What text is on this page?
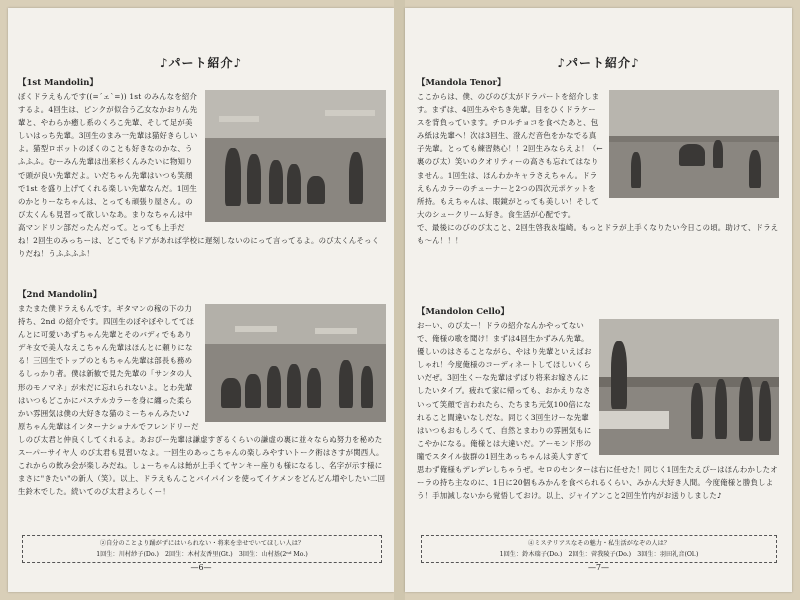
♪パート紹介♪
【1st Mandolin】
ぼくドラえもんです((=´ェ`=)) 1st のみんなを紹介するよ。4回生は、ピンクが似合う乙女なかおりん先輩と、やわらか癒し系のくろこ先輩、そして足が美しいはっち先輩。3回生のまみ一先輩は猫好きらしいよ。猫型ロボットのぼくのことも好きなのかな、うふふふ。むーみん先輩は出来杉くんみたいに物知りで頭が良い先輩だよ。いだちゃん先輩はいつも笑顔で1st を盛り上げてくれる楽しい先輩なんだ。1回生のかとりーなちゃんは、とっても頑張り屋さん。のび太くんも見習って欲しいなあ。まりなちゃんは中高マンドリン部だったんだって。とっても上手だね！2回生のみっちーは、どこでもドアがあれば学校に遅刻しないのにって言ってるよ。のび太くんそっくりだね！うふふふふ！
【2nd Mandolin】
またまた僕ドラえもんです。ギタマンの稼の下の力持ち、2nd の紹介です。四回生のぼやぼやしててほんとに可愛いあずちゃん先輩とそのバディでもありデキ女で美人なえこちゃん先輩はほんとに頼りになる！三回生でトップのともちゃん先輩は部長も務めるしっかり者。僕は新歓で見た先輩の「サンタの人形のモノマネ」が未だに忘れられないよ。とわ先輩はいつもどこかにパステルカラーを身に纏った柔らかい雰囲気は僕の大好きな猫のミーちゃんみたい♪　原ちゃん先輩はインターナショナルでフレンドリーだしのび太君と仲良くしてくれるよ。あおぴー先輩は謙虚すぎるくらいの謙虚の裏に並々ならぬ努力を秘めたスーパーサイヤ人 のび太君も見習いなよ。一回生のあっこちゃんの楽しみやすいトーク術はさすが関西人。これからの飲み会が楽しみだね。しょーちゃんは飴が上手くてヤンキー座りも様になるし、名字が示す様にまさに"きたい"の新人（笑）。以上、ドラえもんことバイパインを使ってイケメンをどんどん増やしたい二回生鈴木でした。続いてのび太君よろしくー！
②自分のことより踊がずにはいられない・将来を幸せでいてほしい人は？
1回生：川村紗子(Do.)　2回生：木村友香里(Gt.)　3回生：山村基(2ⁿᵈ Mo.)
—6—
♪パート紹介♪
【Mandola Tenor】
ここからは、僕、のびのび太がドラパートを紹介します。まずは、4回生みやちき先輩。目をひくドラケースを背負っています。チロルチョコを食べたあと、包み紙は先輩へ！次は3回生、澄んだ音色をかなでる真子先輩。とっても練習熱心！！2回生みならえよ！（←裏のび太）笑いのクオリティーの高さも忘れてはなりません。1回生は、ほんわかキャラさえちゃん。ドラえもんカラーのチューナーと2つの四次元ポケットを所持。もえちゃんは、眼鏡がとっても美しい！そして大のシュークリーム好き。食生活が心配です。
で、最後にのびのび太こと、2回生啓我＆塩崎。もっとドラが上手くなりたい今日この頃。助けて、ドラえも～ん！！！
【Mandolon Cello】
おーい、のび太ー！ドラの紹介なんかやってないで、俺様の歌を聞け！まずは4回生かずみん先輩。優しいのはさることながら、やはり先輩といえばおしゃれ！今度俺様のコーディネートしてほしいくらいだぜ。3回生くーな先輩はずばり将来お嫁さんにしたいタイプ。疲れて家に帰っても、おかえりなさいって笑顔で言われたら、たちまち元気100倍になれること間違いなしだな。同じく3回生けーな先輩はいつもおもしろくて、自然とまわりの雰囲気もにこやかになる。俺様とは大違いだ。アーモンド形の瞳でスタイル抜群の1回生あっちゃんは美人すぎて思わず俺様もデレデレしちゃうぜ。セロのセンターは右に任せた！同じく1回生たえぴーはほんわかしたオーラの持ち主なのに、1日に20個もみかんを食べられるくらい、みかん大好き人間。今度俺様と勝負しよう！手加減しないから覚悟しておけ。以上、ジャイアンこと2回生竹内がお送りしました♪
④ミステリアスなその魅力・私生活がなぞの人は？
1回生：鈴木瑞子(Do.)　2回生：菅我陵子(Do.)　3回生：羽田礼音(Ol.)
—7—
